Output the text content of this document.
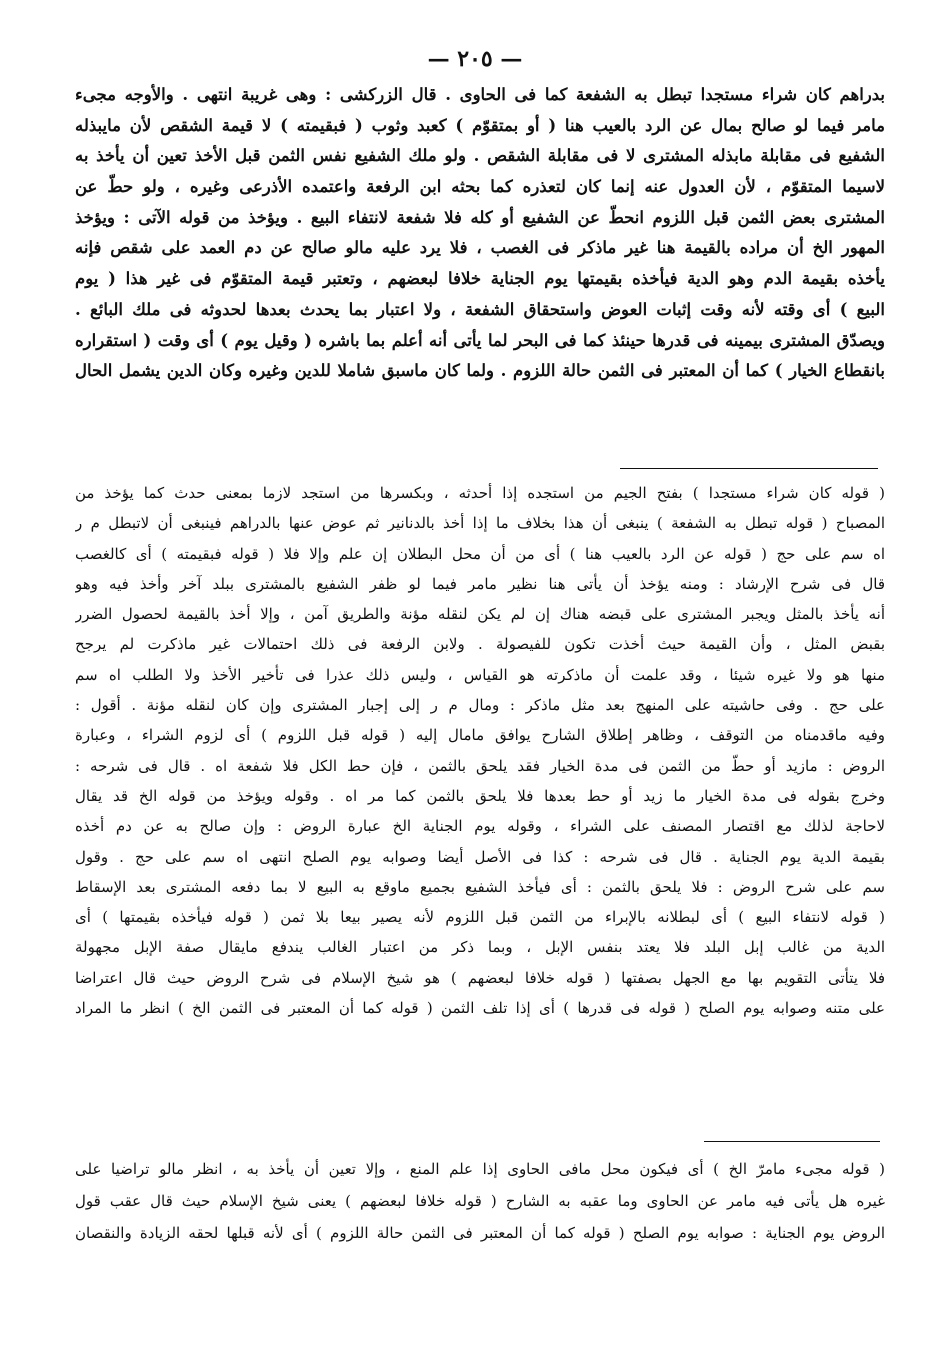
— ٢٠٥ —
بدراهم كان شراء مستجدا تبطل به الشفعة كما فى الحاوى . قال الزركشى : وهى غريبة انتهى . والأوجه مجىء
مامر فيما لو صالح بمال عن الرد بالعيب هنا ( أو بمتقوّم ) كعبد وثوب ( فبقيمته ) لا قيمة الشقص لأن مايبذله
الشفيع فى مقابلة مابذله المشترى لا فى مقابلة الشقص . ولو ملك الشفيع نفس الثمن قبل الأخذ تعين أن يأخذ به
لاسيما المتقوّم ، لأن العدول عنه إنما كان لتعذره كما بحثه ابن الرفعة واعتمده الأذرعى وغيره ، ولو حطّ عن
المشترى بعض الثمن قبل اللزوم انحطّ عن الشفيع أو كله فلا شفعة لانتفاء البيع . ويؤخذ من قوله الآتى : ويؤخذ
المهور الخ أن مراده بالقيمة هنا غير ماذكر فى الغصب ، فلا يرد عليه مالو صالح عن دم العمد على شقص فإنه
يأخذه بقيمة الدم وهو الدية فيأخذه بقيمتها يوم الجناية خلافا لبعضهم ، وتعتبر قيمة المتقوّم فى غير هذا ( يوم
البيع ) أى وقته لأنه وقت إثبات العوض واستحقاق الشفعة ، ولا اعتبار بما يحدث بعدها لحدوثه فى ملك البائع .
ويصدّق المشترى بيمينه فى قدرها حينئذ كما فى البحر لما يأتى أنه أعلم بما باشره ( وقيل يوم ) أى وقت ( استقراره
بانقطاع الخيار ) كما أن المعتبر فى الثمن حالة اللزوم . ولما كان ماسبق شاملا للدين وغيره وكان الدين يشمل الحال
( قوله كان شراء مستجدا ) بفتح الجيم من استجده إذا أحدثه ، وبكسرها من استجد لازما بمعنى حدث كما يؤخذ من
المصباح ( قوله تبطل به الشفعة ) ينبغى أن هذا بخلاف ما إذا أخذ بالدنانير ثم عوض عنها بالدراهم فينبغى أن لاتبطل م ر
اه سم على حج ( قوله عن الرد بالعيب هنا ) أى من أن محل البطلان إن علم وإلا فلا ( قوله فبقيمته ) أى كالغصب
قال فى شرح الإرشاد : ومنه يؤخذ أن يأتى هنا نظير مامر فيما لو ظفر الشفيع بالمشترى ببلد آخر وأخذ فيه وهو
أنه يأخذ بالمثل ويجبر المشترى على قبضه هناك إن لم يكن لنقله مؤنة والطريق آمن ، وإلا أخذ بالقيمة لحصول الضرر
بقبض المثل ، وأن القيمة حيث أخذت تكون للفيصولة . ولابن الرفعة فى ذلك احتمالات غير ماذكرت لم يرجح
منها هو ولا غيره شيئا ، وقد علمت أن ماذكرته هو القياس ، وليس ذلك عذرا فى تأخير الأخذ ولا الطلب اه سم
على حج . وفى حاشيته على المنهج بعد مثل ماذكر : ومال م ر إلى إجبار المشترى وإن كان لنقله مؤنة . أقول :
وفيه ماقدمناه من التوقف ، وظاهر إطلاق الشارح يوافق مامال إليه ( قوله قبل اللزوم ) أى لزوم الشراء ، وعبارة
الروض : مازيد أو حطّ من الثمن فى مدة الخيار فقد يلحق بالثمن ، فإن حط الكل فلا شفعة اه . قال فى شرحه :
وخرج بقوله فى مدة الخيار ما زيد أو حط بعدها فلا يلحق بالثمن كما مر اه . وقوله ويؤخذ من قوله الخ قد يقال
لاحاجة لذلك مع اقتصار المصنف على الشراء ، وقوله يوم الجناية الخ عبارة الروض : وإن صالح به عن دم أخذه
بقيمة الدية يوم الجناية . قال فى شرحه : كذا فى الأصل أيضا وصوابه يوم الصلح انتهى اه سم على حج . وقول
سم على شرح الروض : فلا يلحق بالثمن : أى فيأخذ الشفيع بجميع ماوقع به البيع لا بما دفعه المشترى بعد الإسقاط
( قوله لانتفاء البيع ) أى لبطلانه بالإبراء من الثمن قبل اللزوم لأنه يصير بيعا بلا ثمن ( قوله فيأخذه بقيمتها ) أى
الدية من غالب إبل البلد فلا يعتد بنفس الإبل ، وبما ذكر من اعتبار الغالب يندفع مايقال صفة الإبل مجهولة
فلا يتأتى التقويم بها مع الجهل بصفتها ( قوله خلافا لبعضهم ) هو شيخ الإسلام فى شرح الروض حيث قال اعتراضا
على متنه وصوابه يوم الصلح ( قوله فى قدرها ) أى إذا تلف الثمن ( قوله كما أن المعتبر فى الثمن الخ ) انظر ما المراد
( قوله مجىء مامرّ الخ ) أى فيكون محل مافى الحاوى إذا علم المنع ، وإلا تعين أن يأخذ به ، انظر مالو تراضيا على
غيره هل يأتى فيه مامر عن الحاوى وما عقبه به الشارح ( قوله خلافا لبعضهم ) يعنى شيخ الإسلام حيث قال عقب قول
الروض يوم الجناية : صوابه يوم الصلح ( قوله كما أن المعتبر فى الثمن حالة اللزوم ) أى لأنه قبلها لحقه الزيادة والنقصان
